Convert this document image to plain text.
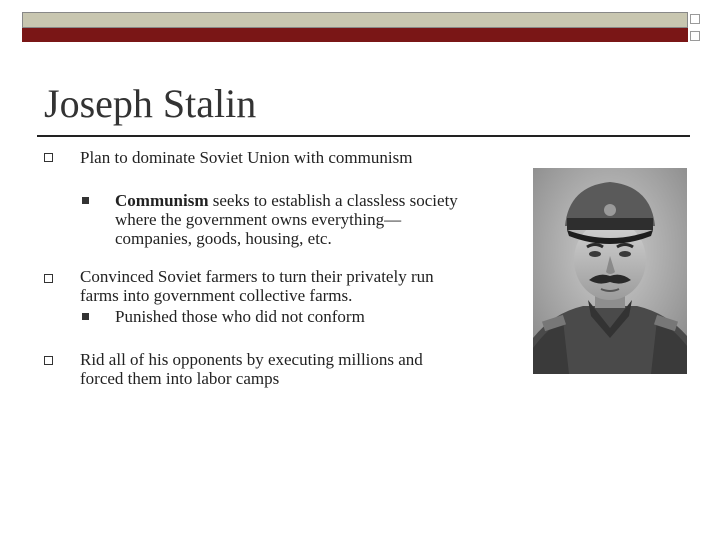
Joseph Stalin
Plan to dominate Soviet Union with communism
Communism seeks to establish a classless society
where the government owns everything—
companies, goods, housing, etc.
Convinced Soviet farmers to turn their privately run
farms into government collective farms.
Punished those who did not conform
Rid all of his opponents by executing millions and
forced them into labor camps
